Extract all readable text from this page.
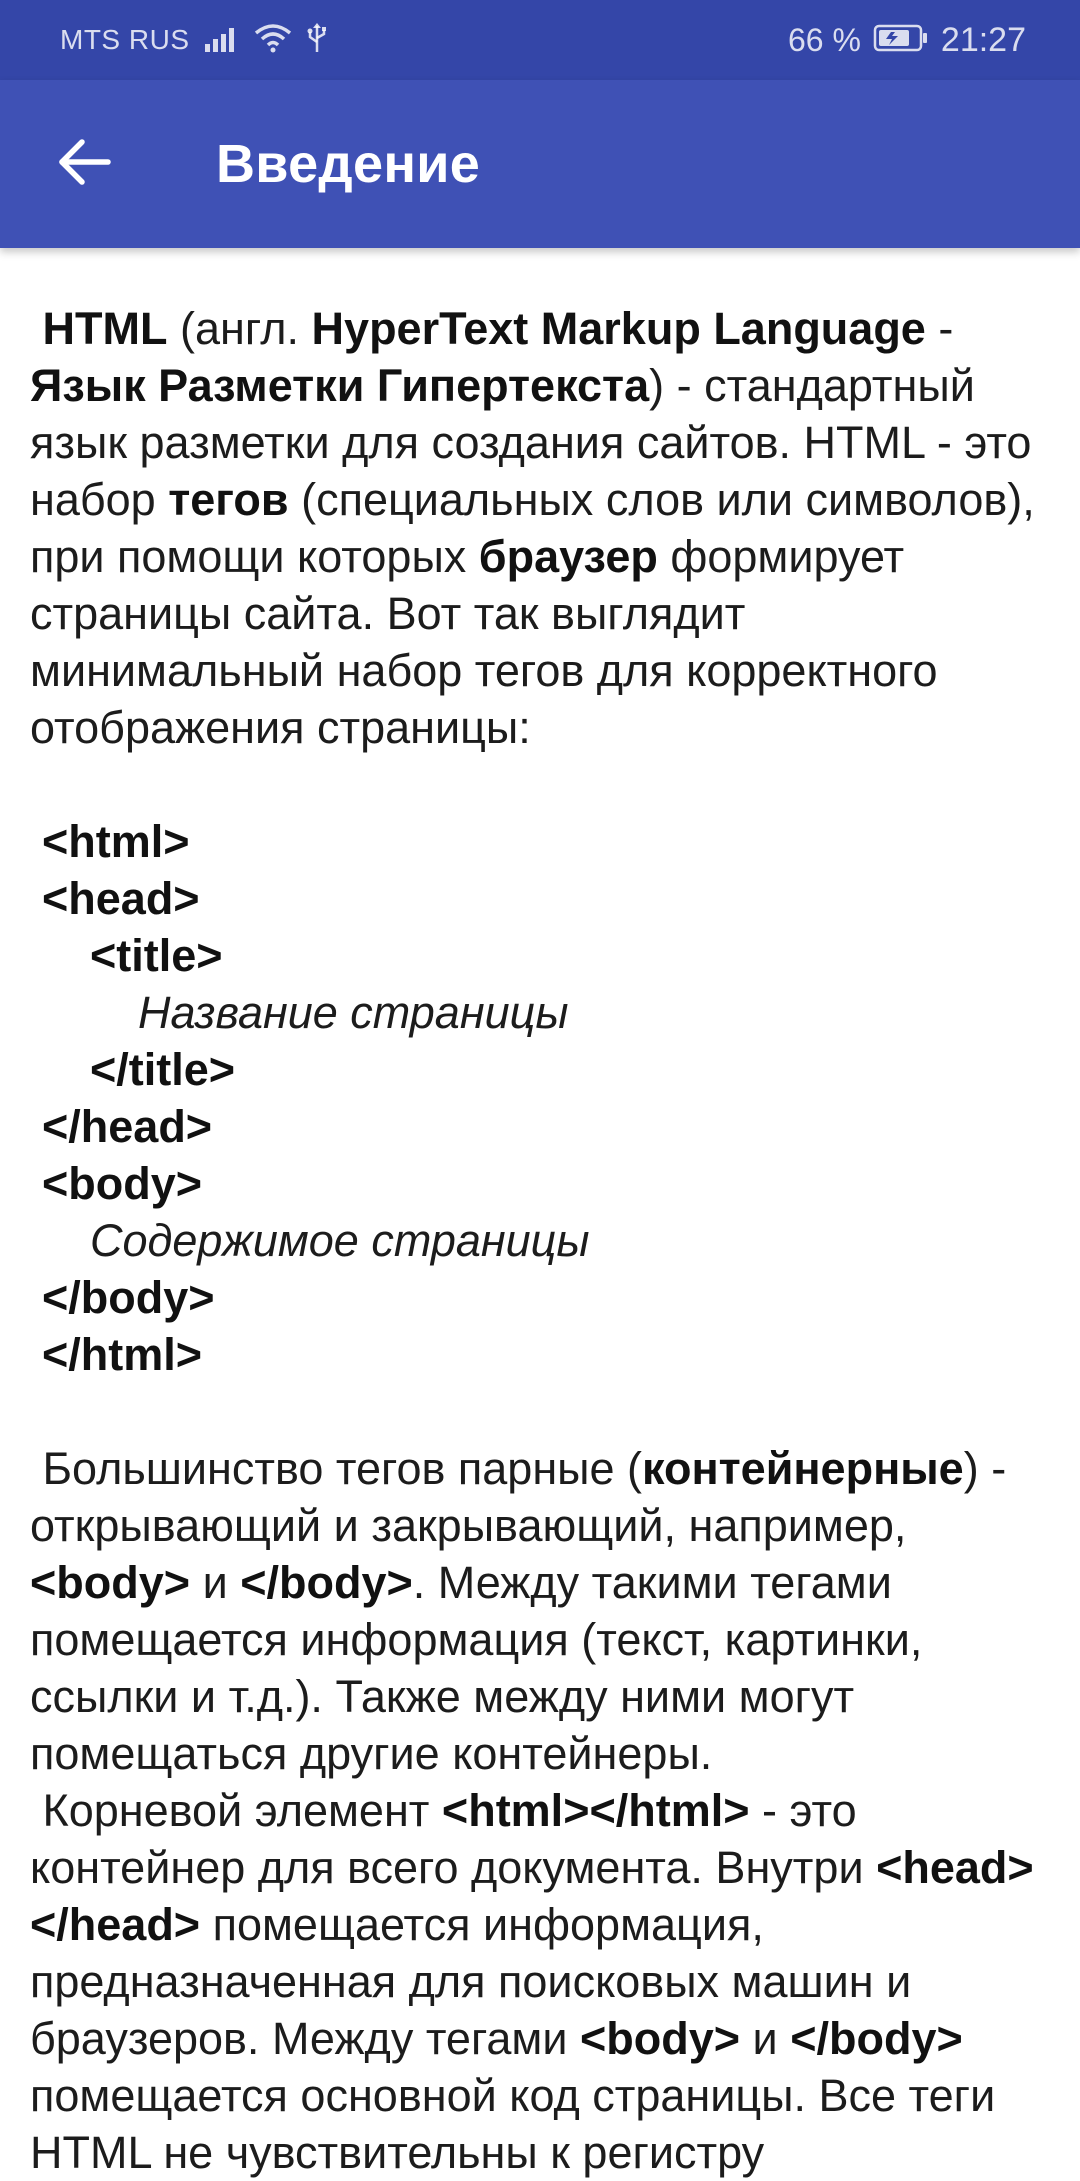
MTS RUS	66 % 21:27
Введение

HTML (англ. HyperText Markup Language - Язык Разметки Гипертекста) - стандартный язык разметки для создания сайтов. HTML - это набор тегов (специальных слов или символов), при помощи которых браузер формирует страницы сайта. Вот так выглядит минимальный набор тегов для корректного отображения страницы:

<html>
<head>
<title>
Название страницы
</title>
</head>
<body>
Содержимое страницы
</body>
</html>

Большинство тегов парные (контейнерные) - открывающий и закрывающий, например, <body> и </body>. Между такими тегами помещается информация (текст, картинки, ссылки и т.д.). Также между ними могут помещаться другие контейнеры.

Корневой элемент <html></html> - это контейнер для всего документа. Внутри <head></head> помещается информация, предназначенная для поисковых машин и браузеров. Между тегами <body> и </body> помещается основной код страницы. Все теги HTML не чувствительны к регистру
